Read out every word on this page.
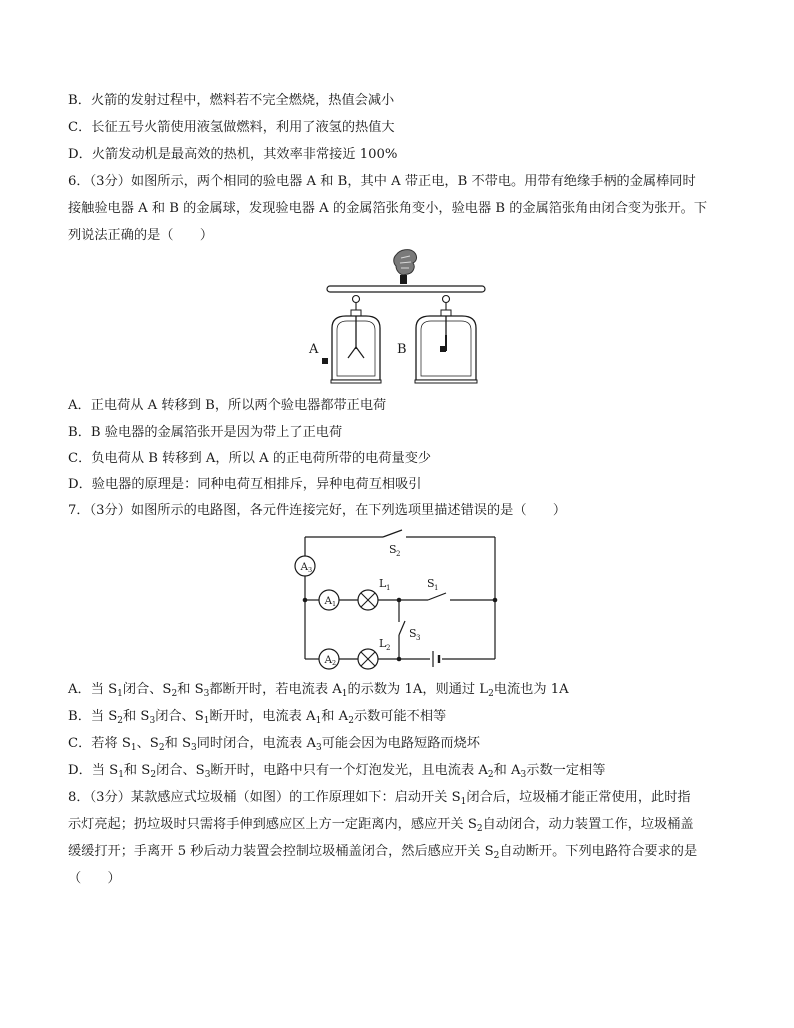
B．火箭的发射过程中，燃料若不完全燃烧，热值会减小
C．长征五号火箭使用液氢做燃料，利用了液氢的热值大
D．火箭发动机是最高效的热机，其效率非常接近 100%
6．（3分）如图所示，两个相同的验电器 A 和 B，其中 A 带正电，B 不带电。用带有绝缘手柄的金属棒同时
接触验电器 A 和 B 的金属球，发现验电器 A 的金属箔张角变小，验电器 B 的金属箔张角由闭合变为张开。下
列说法正确的是（　　）
A	B
A．正电荷从 A 转移到 B，所以两个验电器都带正电荷
B．B 验电器的金属箔张开是因为带上了正电荷
C．负电荷从 B 转移到 A，所以 A 的正电荷所带的电荷量变少
D．验电器的原理是：同种电荷互相排斥，异种电荷互相吸引
7．（3分）如图所示的电路图，各元件连接完好，在下列选项里描述错误的是（　　）
A 3
A 1
A 2
L 1
L 2
S 2
S 1
S 3
A．当 $S_1$闭合、$S_2$和 $S_3$都断开时，若电流表 $A_1$的示数为 1A，则通过 $L_2$电流也为 1A
B．当 $S_2$和 $S_3$闭合、$S_1$断开时，电流表 $A_1$和 $A_2$示数可能不相等
C．若将 $S_1$、$S_2$和 $S_3$同时闭合，电流表 $A_3$可能会因为电路短路而烧坏
D．当 $S_1$和 $S_2$闭合、$S_3$断开时，电路中只有一个灯泡发光，且电流表 $A_2$和 $A_3$示数一定相等
8．（3分）某款感应式垃圾桶（如图）的工作原理如下：启动开关 $S_1$闭合后，垃圾桶才能正常使用，此时指
示灯亮起；扔垃圾时只需将手伸到感应区上方一定距离内，感应开关 $S_2$自动闭合，动力装置工作，垃圾桶盖
缓缓打开；手离开 5 秒后动力装置会控制垃圾桶盖闭合，然后感应开关 $S_2$自动断开。下列电路符合要求的是
（　　）
